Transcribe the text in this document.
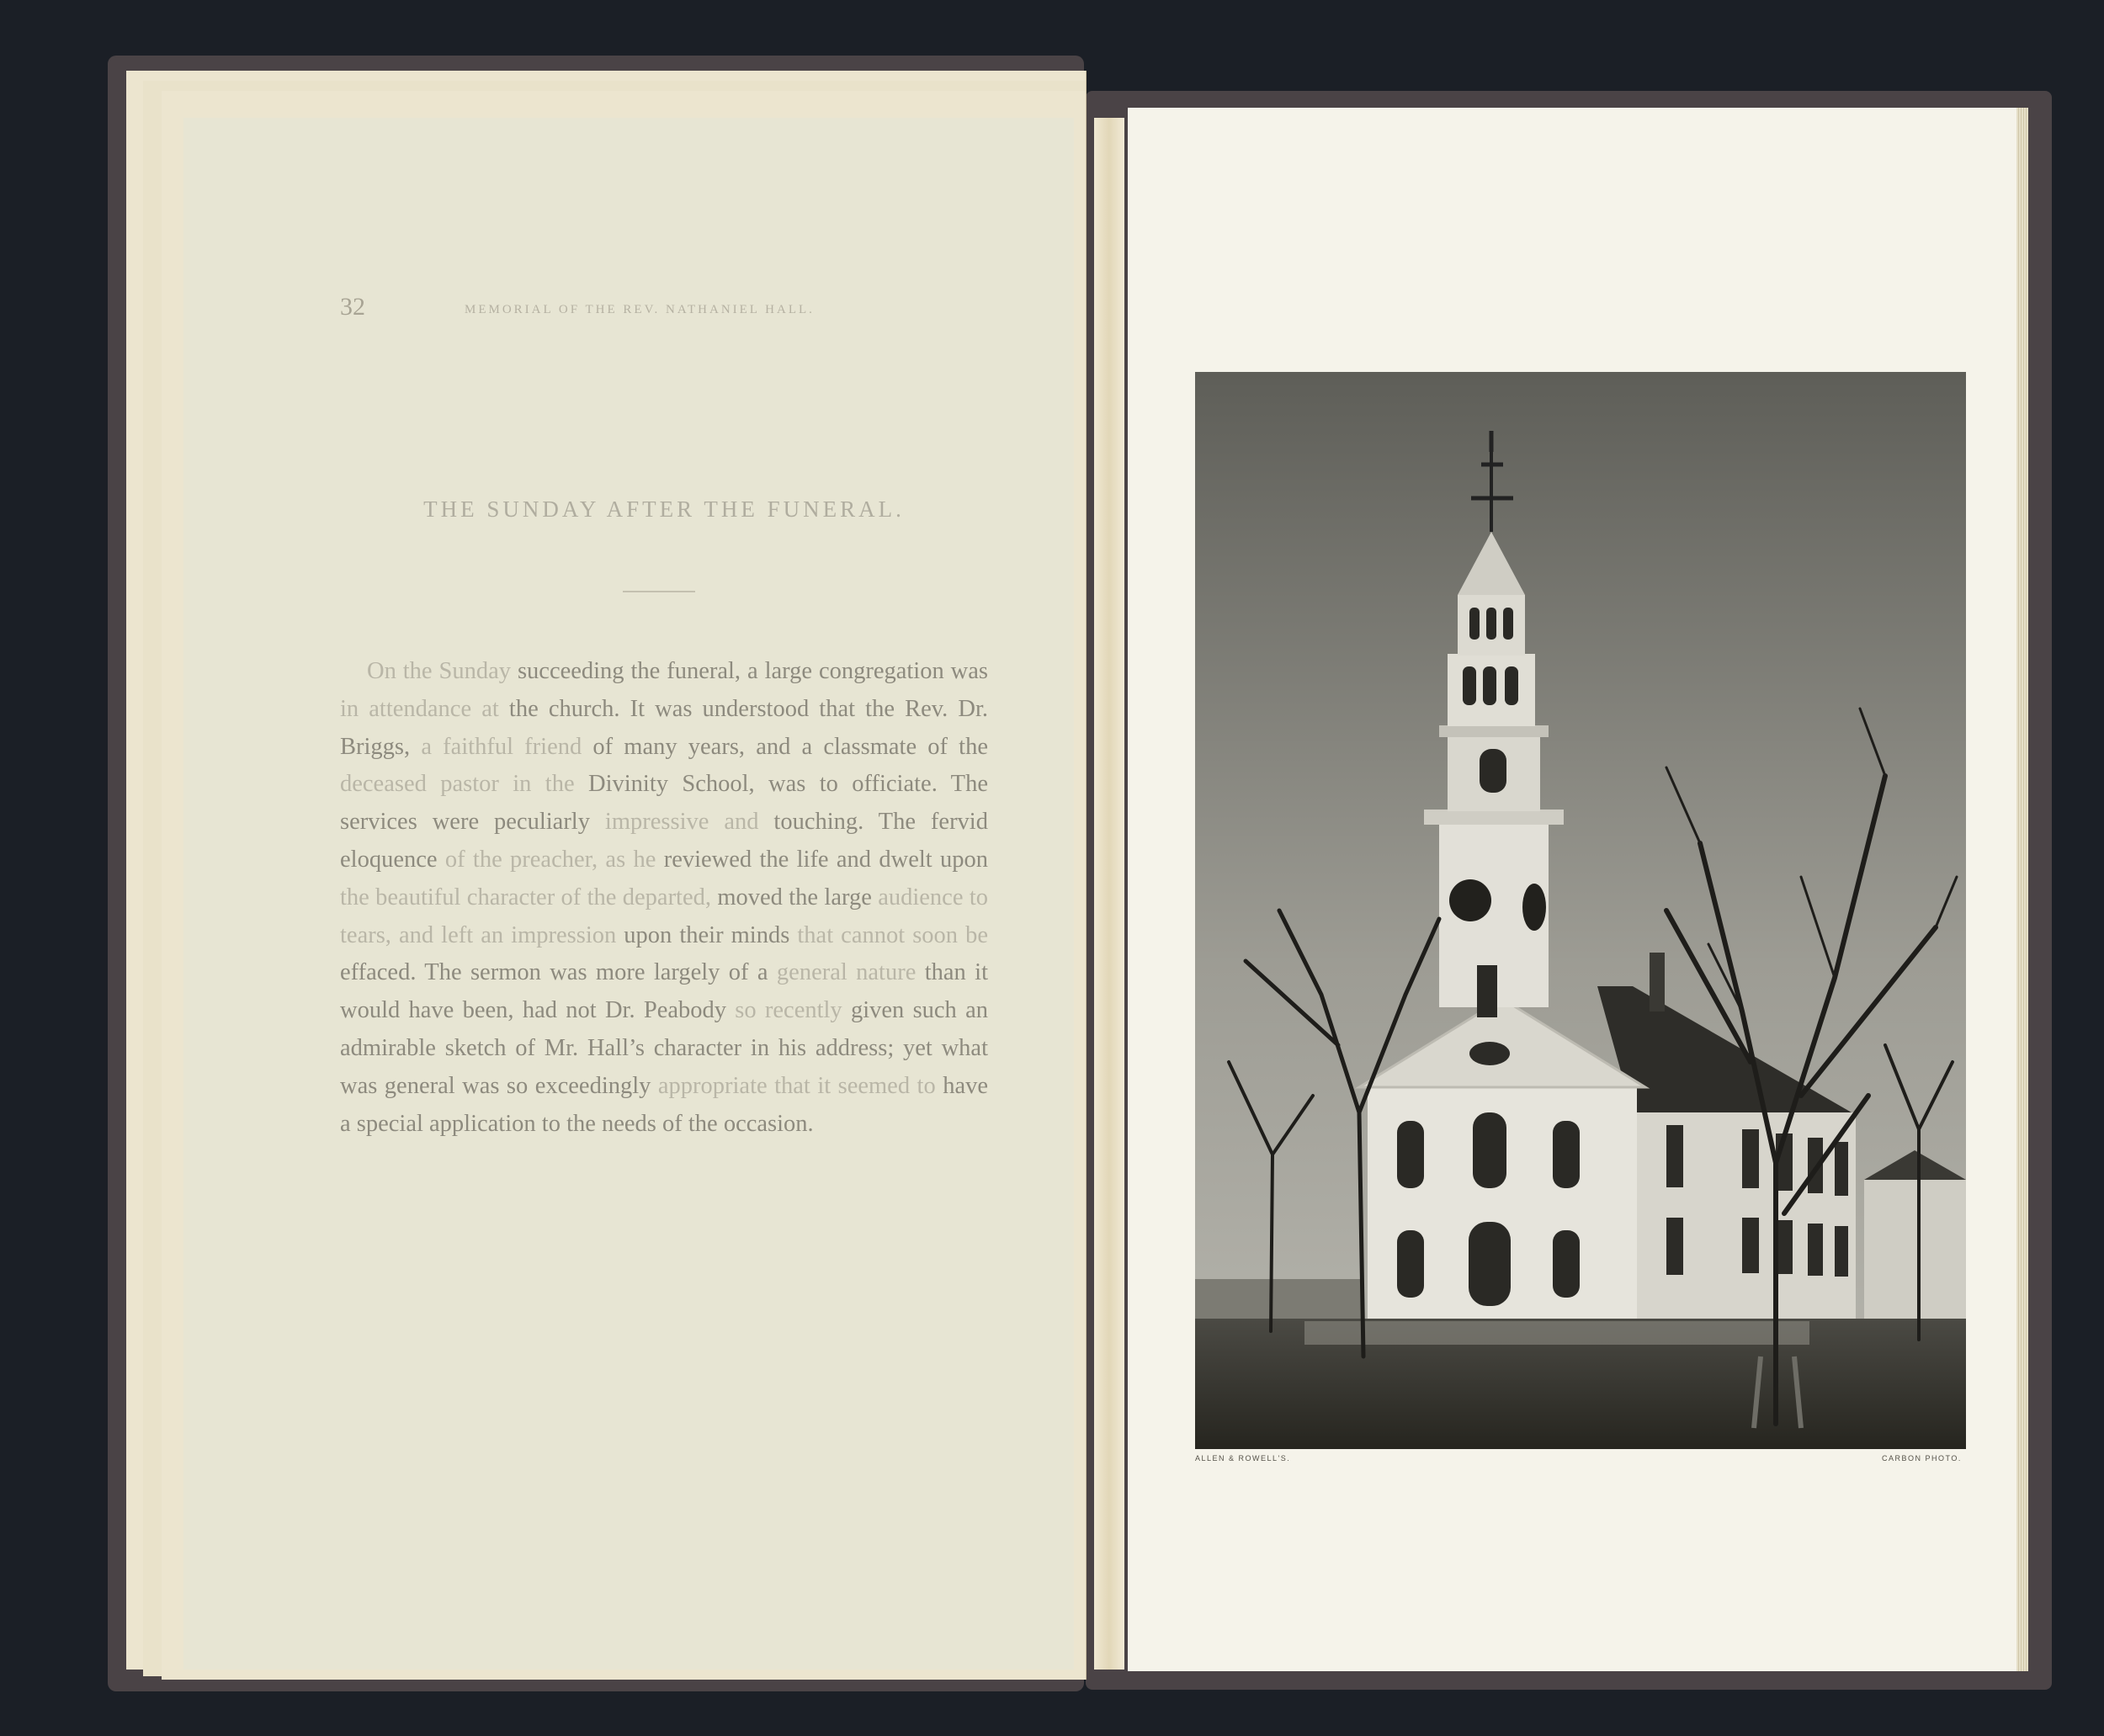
32	MEMORIAL OF THE REV. NATHANIEL HALL.
THE SUNDAY AFTER THE FUNERAL.

On the Sunday succeeding the funeral, a large congregation was in attendance at the church. It was understood that the Rev. Dr. Briggs, a faithful friend of many years, and a classmate of the deceased pastor in the Divinity School, was to officiate. The services were peculiarly impressive and touching. The fervid eloquence of the preacher, as he reviewed the life and dwelt upon the beautiful character of the departed, moved the large audience to tears, and left an impression upon their minds that cannot soon be effaced. The sermon was more largely of a general nature than it would have been, had not Dr. Peabody so recently given such an admirable sketch of Mr. Hall’s character in his address; yet what was general was so exceedingly appropriate that it seemed to have a special application to the needs of the occasion.

ALLEN & ROWELL'S.	CARBON PHOTO.
